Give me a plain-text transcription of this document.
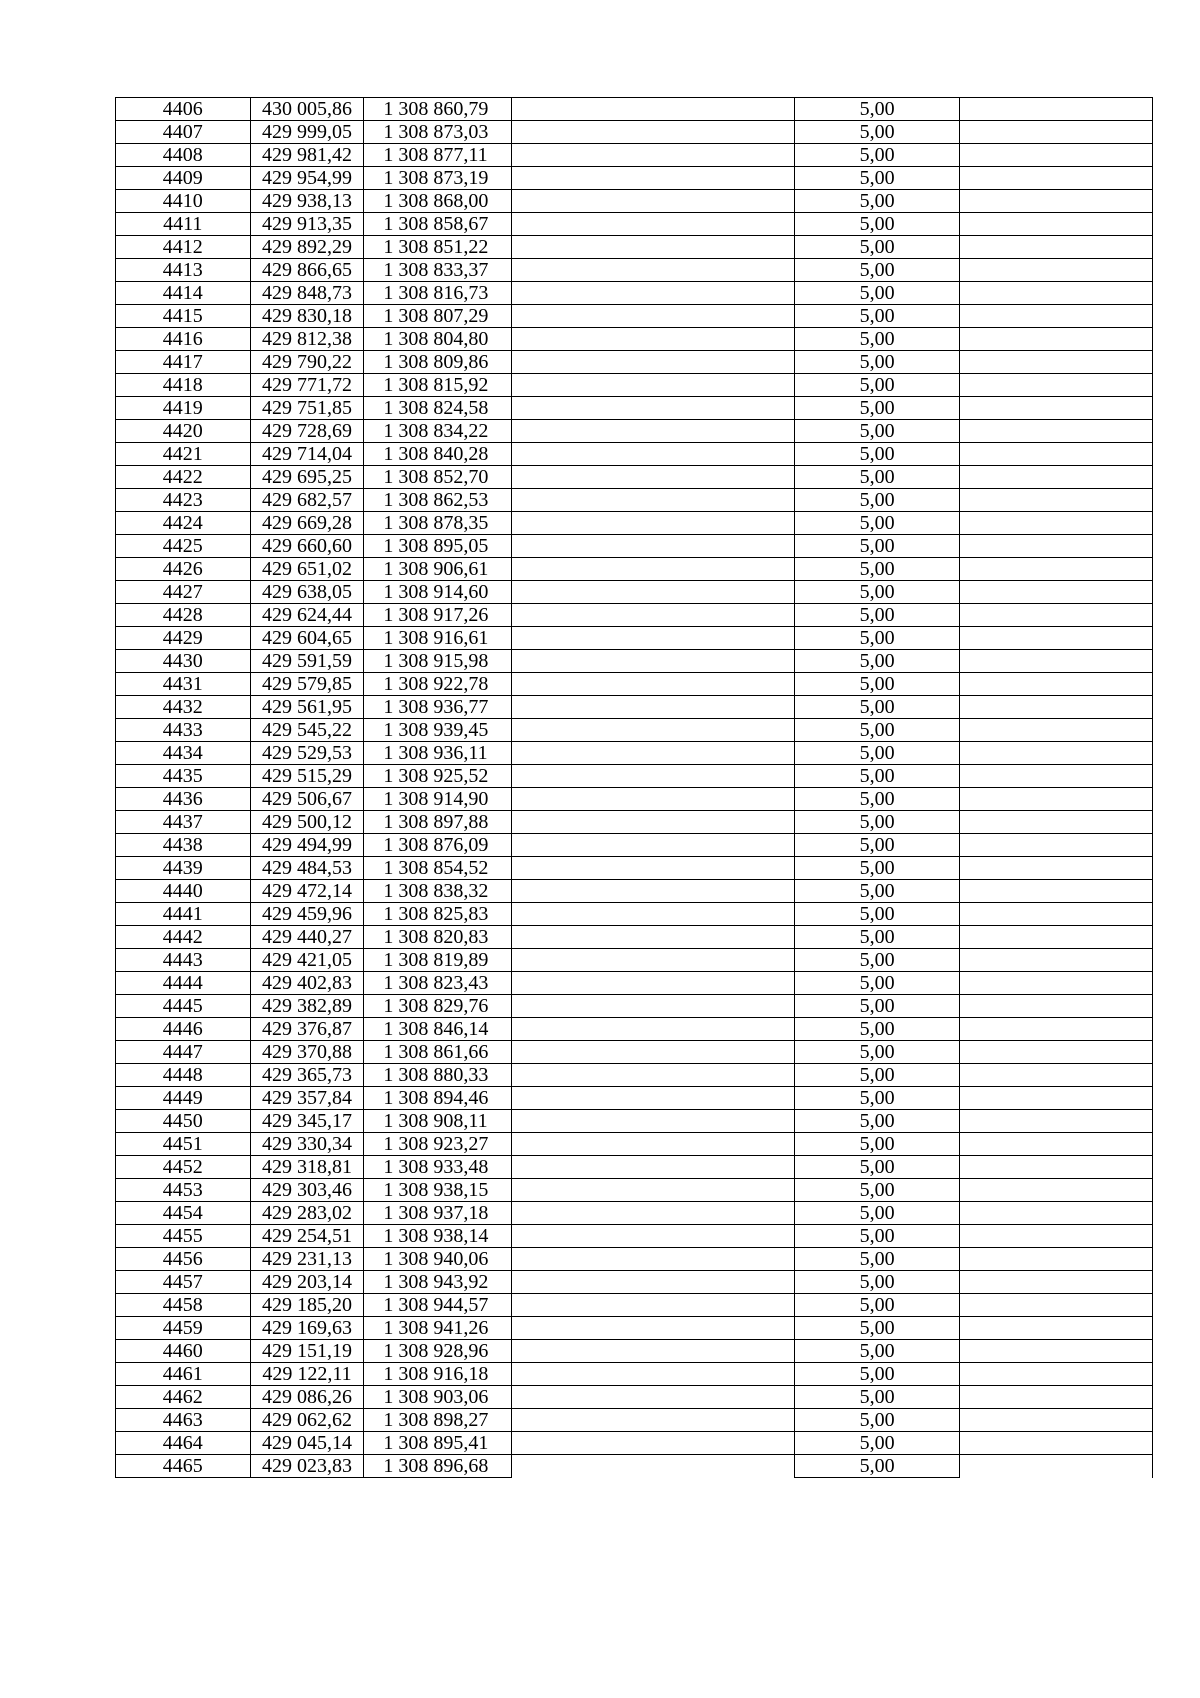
4406	430 005,86	1 308 860,79		5,00	
4407	429 999,05	1 308 873,03		5,00	
4408	429 981,42	1 308 877,11		5,00	
4409	429 954,99	1 308 873,19		5,00	
4410	429 938,13	1 308 868,00		5,00	
4411	429 913,35	1 308 858,67		5,00	
4412	429 892,29	1 308 851,22		5,00	
4413	429 866,65	1 308 833,37		5,00	
4414	429 848,73	1 308 816,73		5,00	
4415	429 830,18	1 308 807,29		5,00	
4416	429 812,38	1 308 804,80		5,00	
4417	429 790,22	1 308 809,86		5,00	
4418	429 771,72	1 308 815,92		5,00	
4419	429 751,85	1 308 824,58		5,00	
4420	429 728,69	1 308 834,22		5,00	
4421	429 714,04	1 308 840,28		5,00	
4422	429 695,25	1 308 852,70		5,00	
4423	429 682,57	1 308 862,53		5,00	
4424	429 669,28	1 308 878,35		5,00	
4425	429 660,60	1 308 895,05		5,00	
4426	429 651,02	1 308 906,61		5,00	
4427	429 638,05	1 308 914,60		5,00	
4428	429 624,44	1 308 917,26		5,00	
4429	429 604,65	1 308 916,61		5,00	
4430	429 591,59	1 308 915,98		5,00	
4431	429 579,85	1 308 922,78		5,00	
4432	429 561,95	1 308 936,77		5,00	
4433	429 545,22	1 308 939,45		5,00	
4434	429 529,53	1 308 936,11		5,00	
4435	429 515,29	1 308 925,52		5,00	
4436	429 506,67	1 308 914,90		5,00	
4437	429 500,12	1 308 897,88		5,00	
4438	429 494,99	1 308 876,09		5,00	
4439	429 484,53	1 308 854,52		5,00	
4440	429 472,14	1 308 838,32		5,00	
4441	429 459,96	1 308 825,83		5,00	
4442	429 440,27	1 308 820,83		5,00	
4443	429 421,05	1 308 819,89		5,00	
4444	429 402,83	1 308 823,43		5,00	
4445	429 382,89	1 308 829,76		5,00	
4446	429 376,87	1 308 846,14		5,00	
4447	429 370,88	1 308 861,66		5,00	
4448	429 365,73	1 308 880,33		5,00	
4449	429 357,84	1 308 894,46		5,00	
4450	429 345,17	1 308 908,11		5,00	
4451	429 330,34	1 308 923,27		5,00	
4452	429 318,81	1 308 933,48		5,00	
4453	429 303,46	1 308 938,15		5,00	
4454	429 283,02	1 308 937,18		5,00	
4455	429 254,51	1 308 938,14		5,00	
4456	429 231,13	1 308 940,06		5,00	
4457	429 203,14	1 308 943,92		5,00	
4458	429 185,20	1 308 944,57		5,00	
4459	429 169,63	1 308 941,26		5,00	
4460	429 151,19	1 308 928,96		5,00	
4461	429 122,11	1 308 916,18		5,00	
4462	429 086,26	1 308 903,06		5,00	
4463	429 062,62	1 308 898,27		5,00	
4464	429 045,14	1 308 895,41		5,00	
4465	429 023,83	1 308 896,68		5,00	
